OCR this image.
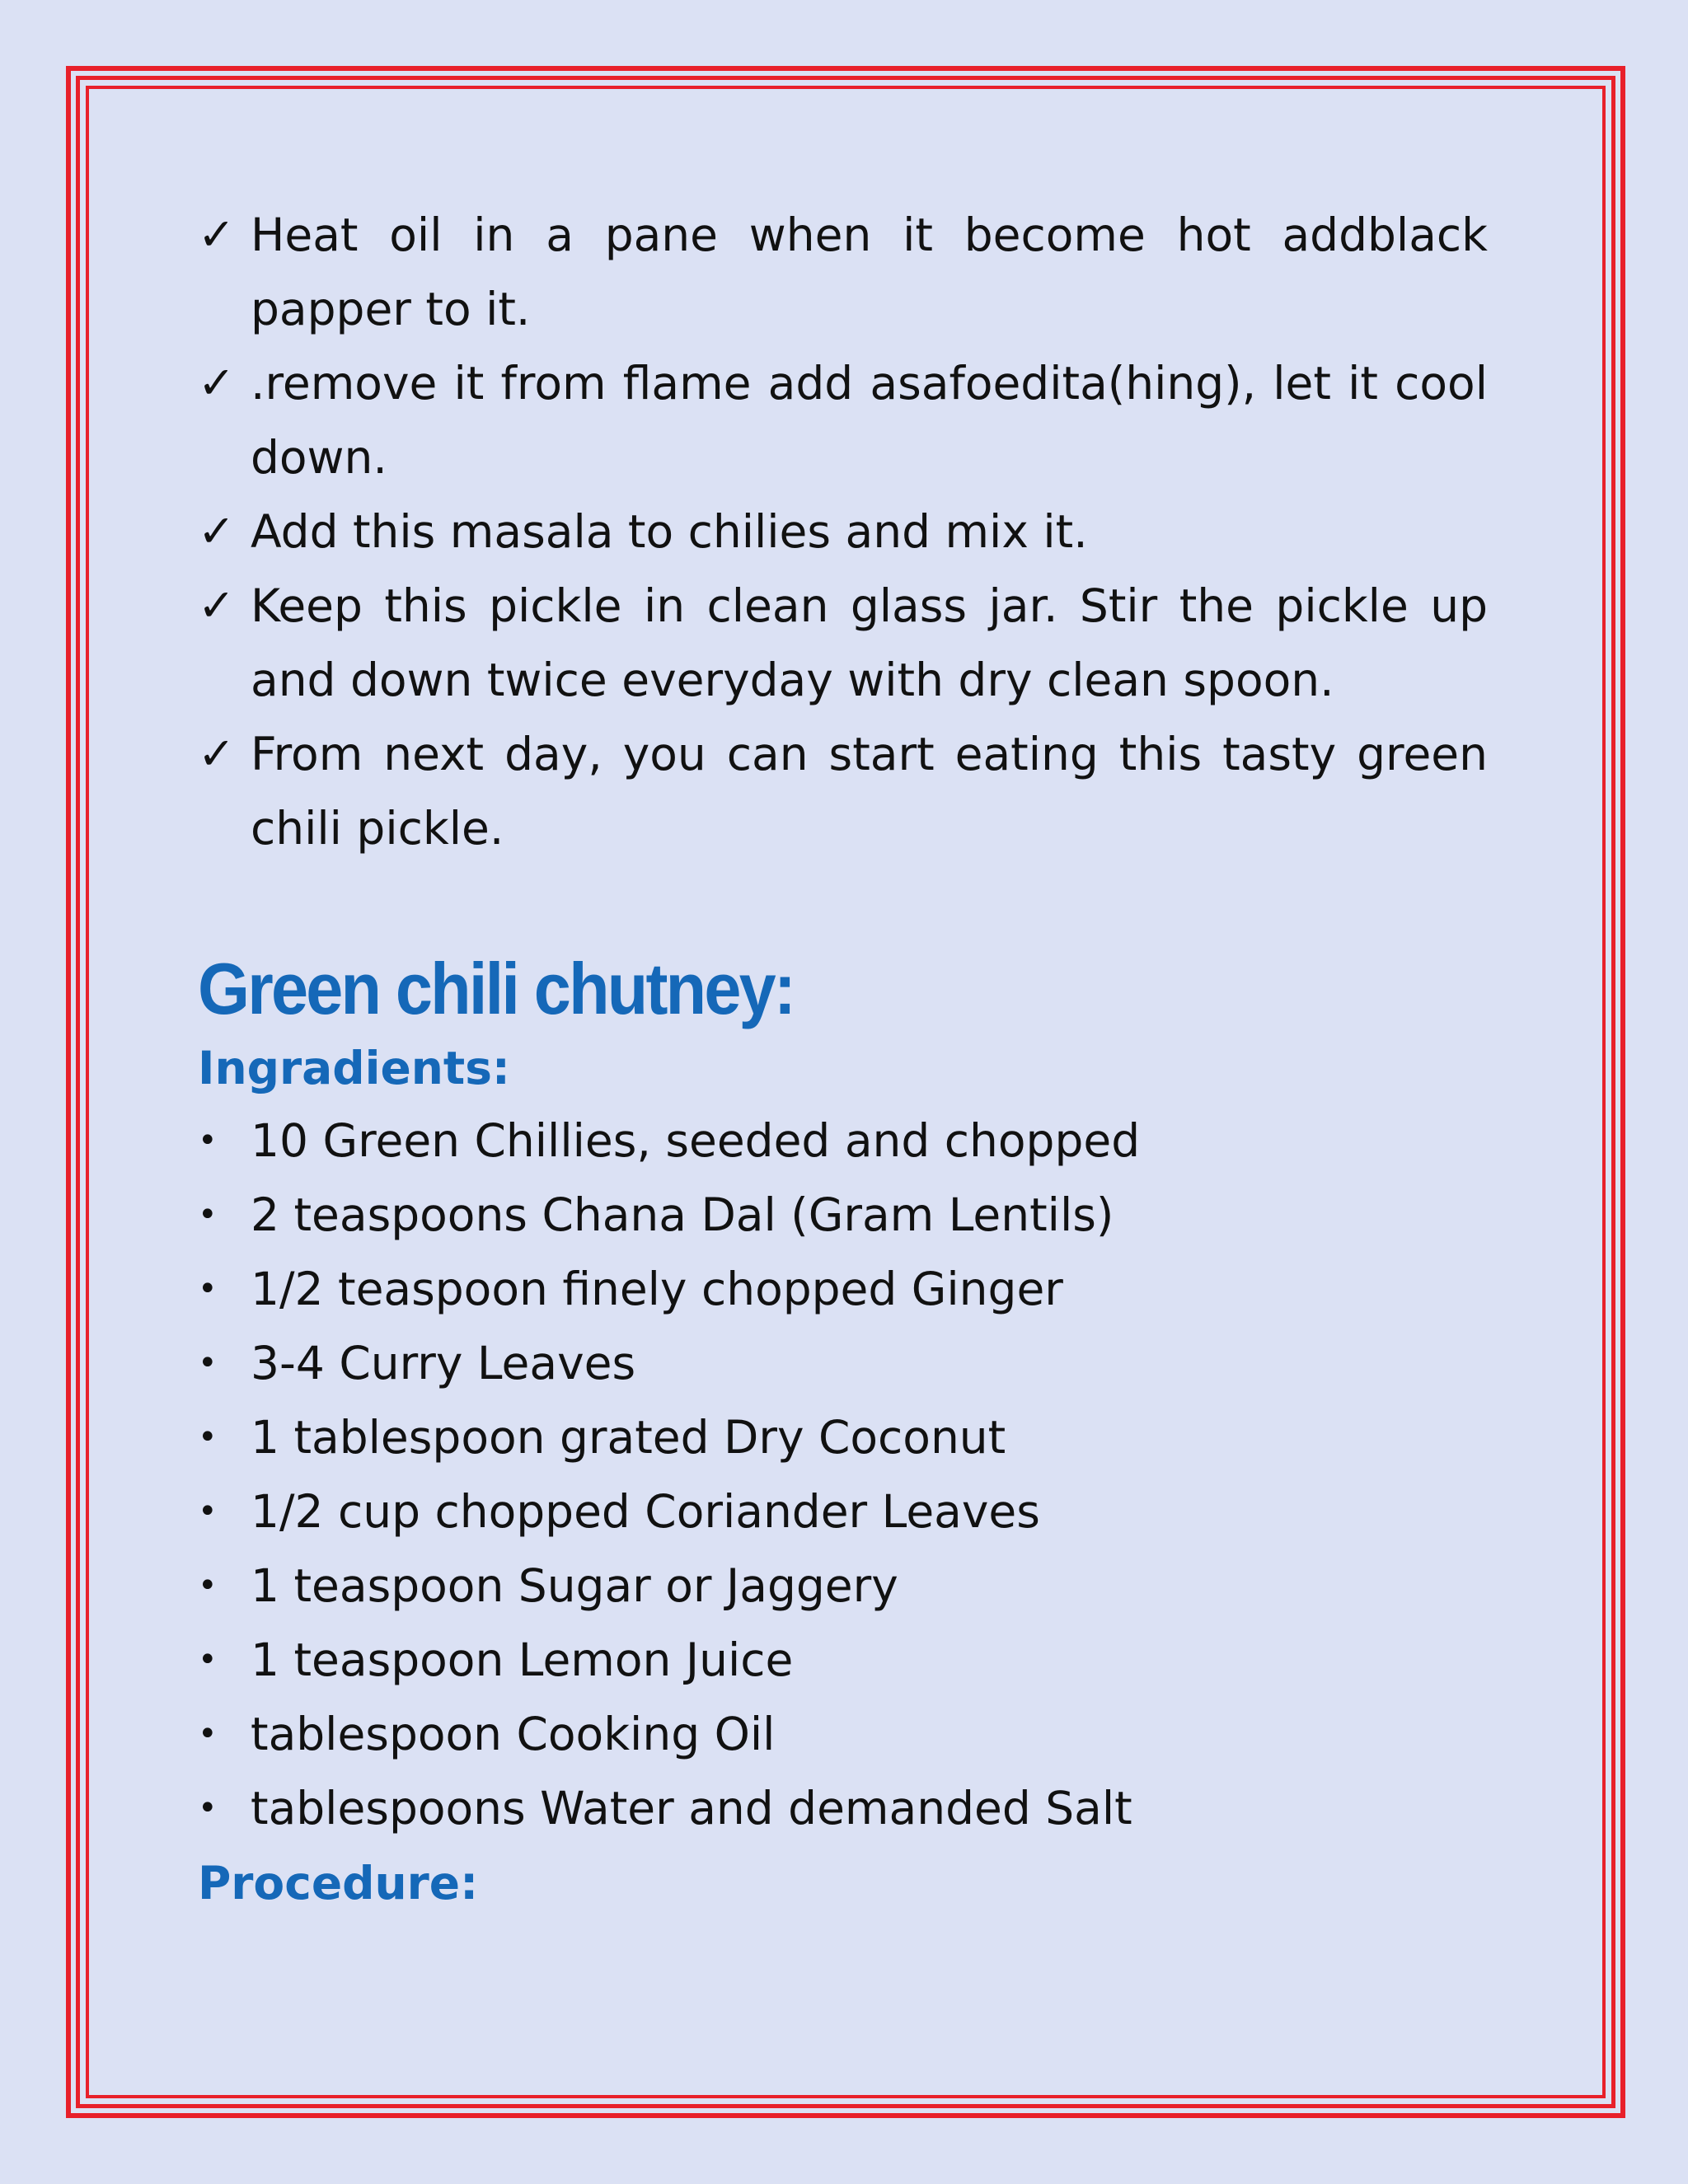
✓ Heat oil in a pane when it become hot addblack papper to it.
✓ .remove it from flame add asafoedita(hing), let it cool down.
✓ Add this masala to chilies and mix it.
✓ Keep this pickle in clean glass jar. Stir the pickle up and down twice everyday with dry clean spoon.
✓ From next day, you can start eating this tasty green chili pickle.
Green chili chutney:
Ingradients:
• 10 Green Chillies, seeded and chopped
• 2 teaspoons Chana Dal (Gram Lentils)
• 1/2 teaspoon finely chopped Ginger
• 3-4 Curry Leaves
• 1 tablespoon grated Dry Coconut
• 1/2 cup chopped Coriander Leaves
• 1 teaspoon Sugar or Jaggery
• 1 teaspoon Lemon Juice
• tablespoon Cooking Oil
• tablespoons Water and demanded Salt
Procedure:
